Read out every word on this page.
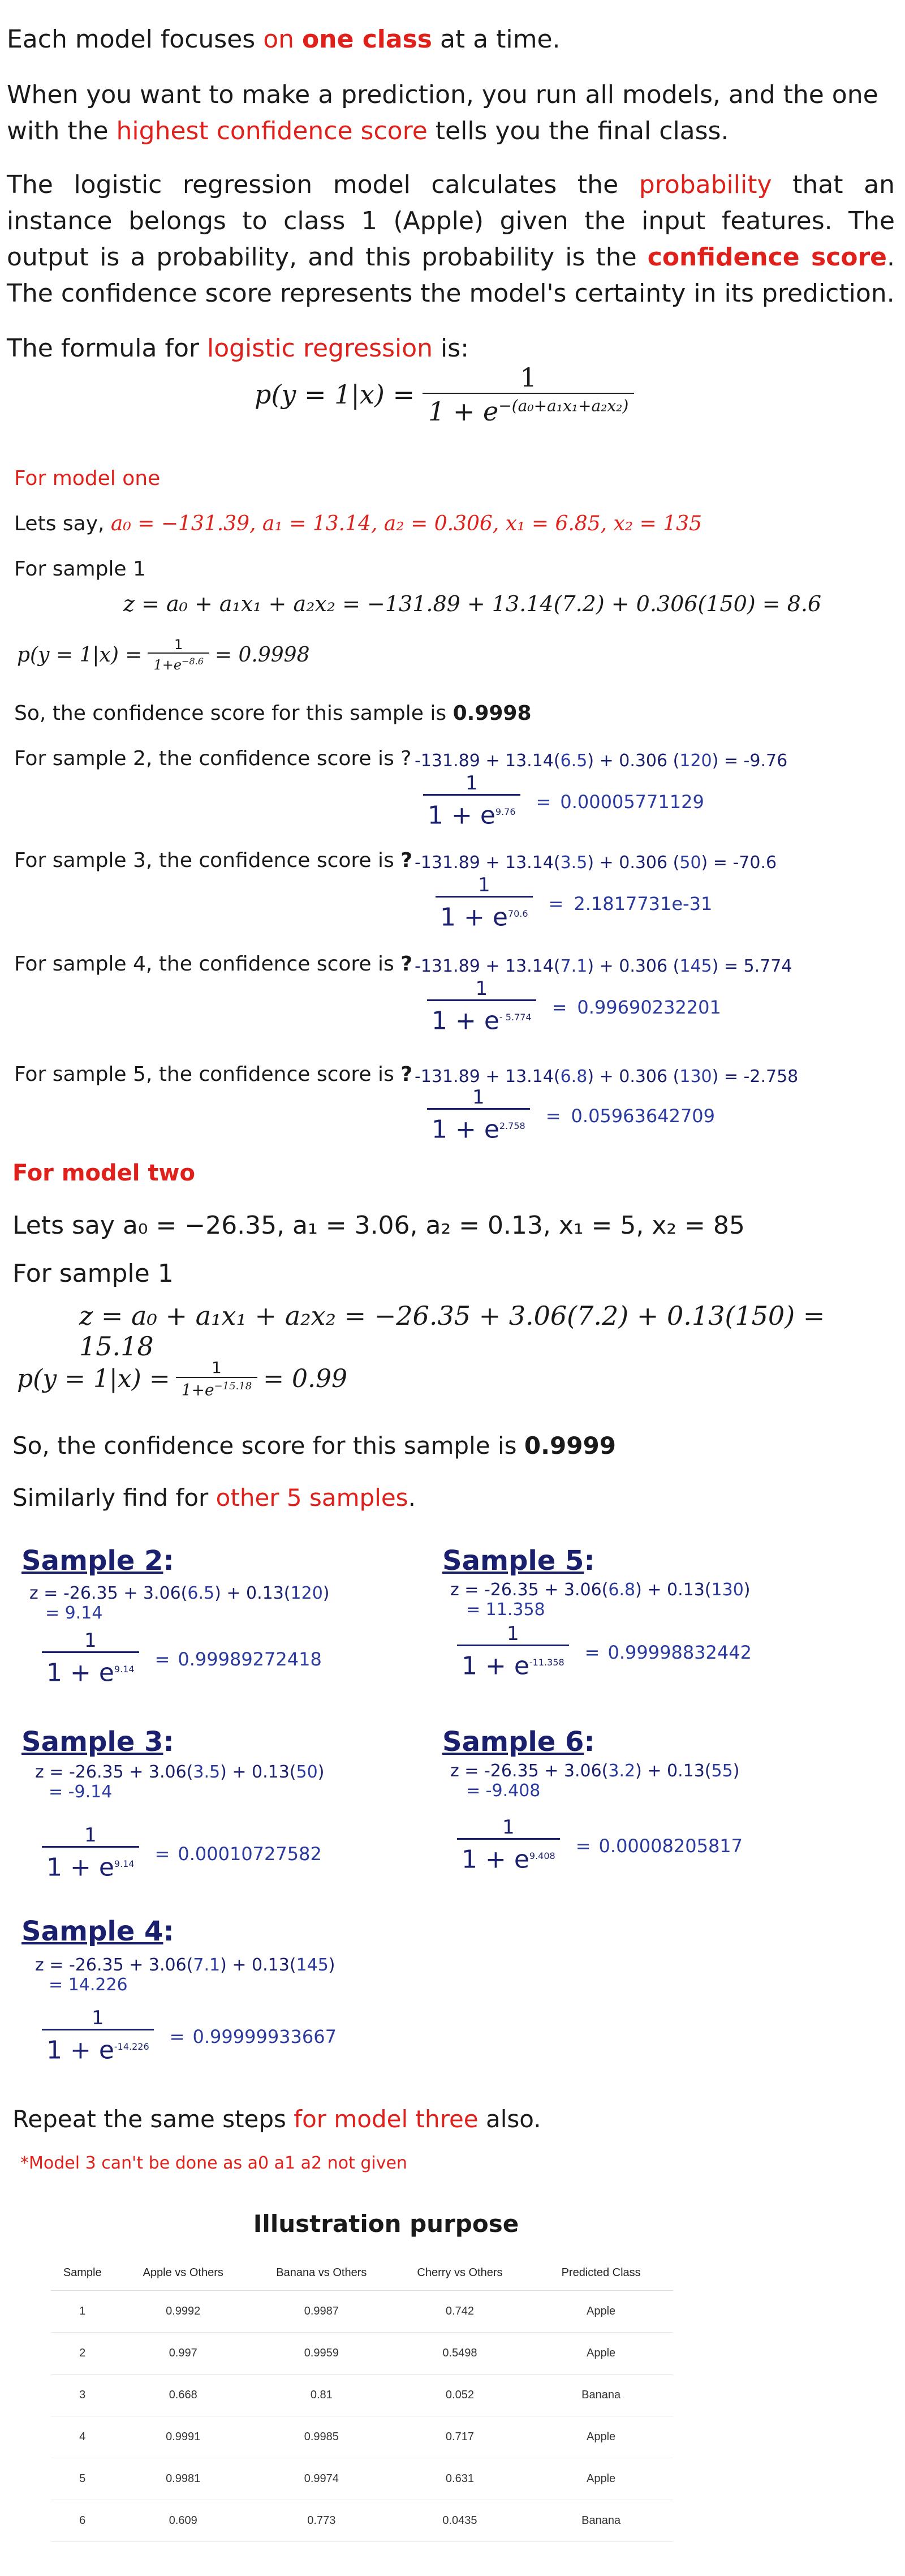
Each model focuses on one class at a time.
When you want to make a prediction, you run all models, and the one with the highest confidence score tells you the final class.
The logistic regression model calculates the probability that an instance belongs to class 1 (Apple) given the input features. The output is a probability, and this probability is the confidence score. The confidence score represents the model's certainty in its prediction.
The formula for logistic regression is:
$p(y = 1|x) = \frac{1}{1 + e^{-(a_0+a_1x_1+a_2x_2)}}$
For model one
Lets say, a₀ = −131.39, a₁ = 13.14, a₂ = 0.306, x₁ = 6.85, x₂ = 135
For sample 1
z = a₀ + a₁x₁ + a₂x₂ = −131.89 + 13.14(7.2) + 0.306(150) = 8.6
$p(y = 1|x) = \frac{1}{1+e^{-8.6}} = 0.9998$
So, the confidence score for this sample is 0.9998
For sample 2, the confidence score is ? -131.89 + 13.14(6.5) + 0.306 (120) = -9.76
1
$1 + e^{9.76} = 0.00005771129$
For sample 3, the confidence score is ? -131.89 + 13.14(3.5) + 0.306 (50) = -70.6
1
$1 + e^{70.6} = 2.1817731e-31$
For sample 4, the confidence score is ? -131.89 + 13.14(7.1) + 0.306 (145) = 5.774
1
$1 + e^{- 5.774} = 0.99690232201$
For sample 5, the confidence score is ? -131.89 + 13.14(6.8) + 0.306 (130) = -2.758
1
$1 + e^{2.758} = 0.05963642709$
For model two
Lets say a₀ = −26.35, a₁ = 3.06, a₂ = 0.13, x₁ = 5, x₂ = 85
For sample 1
z = a₀ + a₁x₁ + a₂x₂ = −26.35 + 3.06(7.2) + 0.13(150) = 15.18
$p(y = 1|x) = \frac{1}{1+e^{-15.18}} = 0.99$
So, the confidence score for this sample is 0.9999
Similarly find for other 5 samples.
Sample 2:
z = -26.35 + 3.06(6.5) + 0.13(120)
= 9.14
1
$1 + e^{9.14} = 0.99989272418$
Sample 3:
z = -26.35 + 3.06(3.5) + 0.13(50)
= -9.14
1
$1 + e^{9.14} = 0.00010727582$
Sample 4:
z = -26.35 + 3.06(7.1) + 0.13(145)
= 14.226
1
$1 + e^{-14.226} = 0.99999933667$
Sample 5:
z = -26.35 + 3.06(6.8) + 0.13(130)
= 11.358
1
$1 + e^{-11.358} = 0.99998832442$
Sample 6:
z = -26.35 + 3.06(3.2) + 0.13(55)
= -9.408
1
$1 + e^{9.408} = 0.00008205817$
Repeat the same steps for model three also.
*Model 3 can't be done as a0 a1 a2 not given
Illustration purpose
Sample	Apple vs Others	Banana vs Others	Cherry vs Others	Predicted Class
1	0.9992	0.9987	0.742	Apple
2	0.997	0.9959	0.5498	Apple
3	0.668	0.81	0.052	Banana
4	0.9991	0.9985	0.717	Apple
5	0.9981	0.9974	0.631	Apple
6	0.609	0.773	0.0435	Banana
